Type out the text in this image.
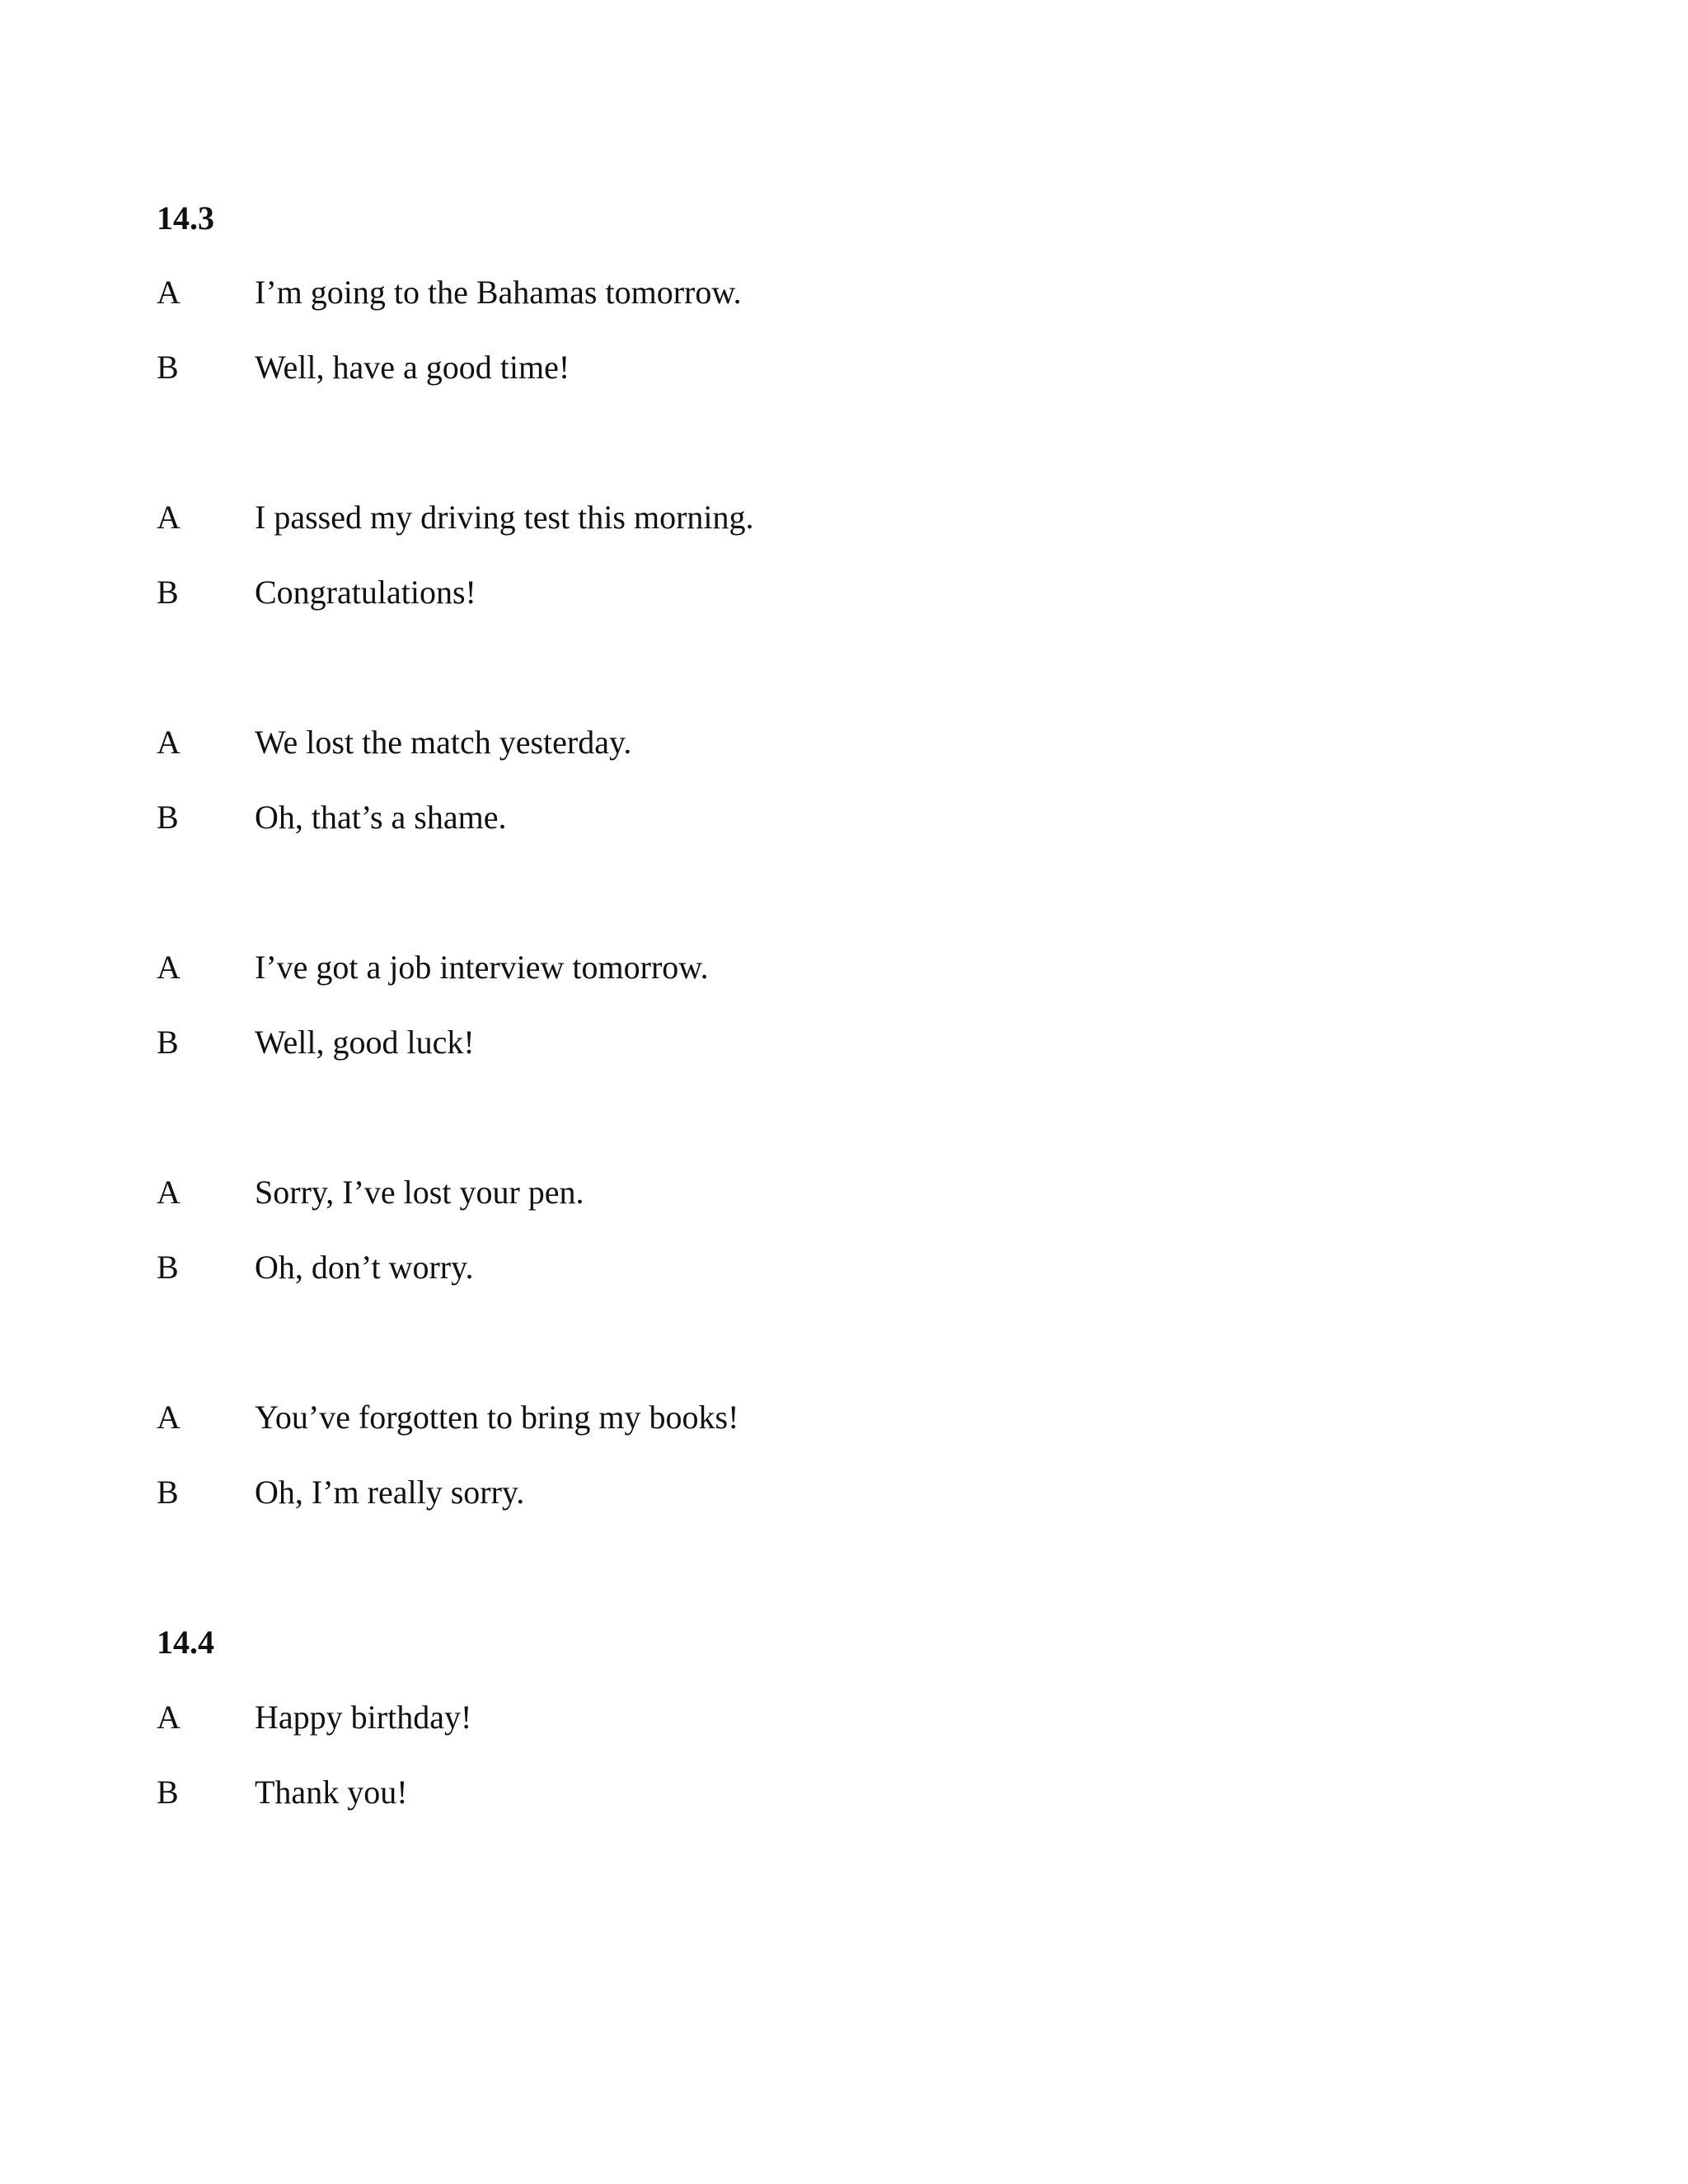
14.3
A I’m going to the Bahamas tomorrow.
B Well, have a good time!
A I passed my driving test this morning.
B Congratulations!
A We lost the match yesterday.
B Oh, that’s a shame.
A I’ve got a job interview tomorrow.
B Well, good luck!
A Sorry, I’ve lost your pen.
B Oh, don’t worry.
A You’ve forgotten to bring my books!
B Oh, I’m really sorry.
14.4
A Happy birthday!
B Thank you!
